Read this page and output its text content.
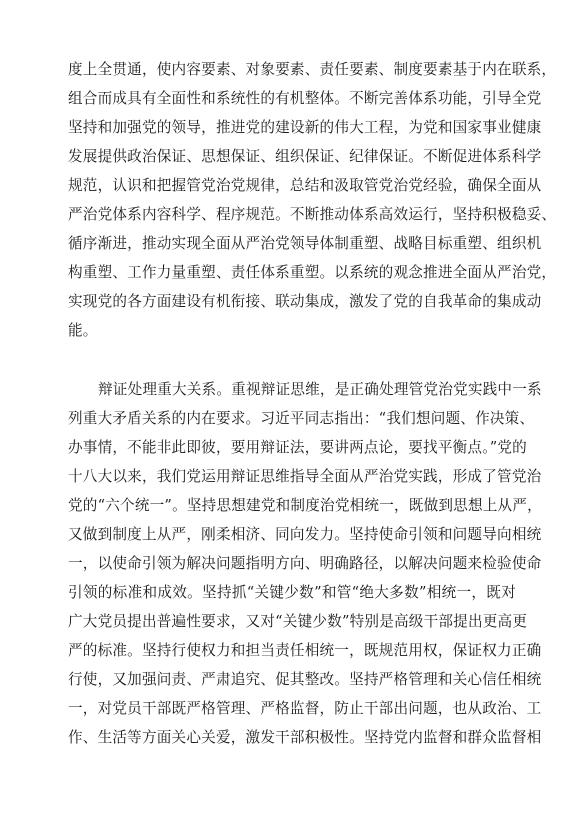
度上全贯通，使内容要素、对象要素、责任要素、制度要素基于内在联系，
组合而成具有全面性和系统性的有机整体。不断完善体系功能，引导全党
坚持和加强党的领导，推进党的建设新的伟大工程，为党和国家事业健康
发展提供政治保证、思想保证、组织保证、纪律保证。不断促进体系科学
规范，认识和把握管党治党规律，总结和汲取管党治党经验，确保全面从
严治党体系内容科学、程序规范。不断推动体系高效运行，坚持积极稳妥、
循序渐进，推动实现全面从严治党领导体制重塑、战略目标重塑、组织机
构重塑、工作力量重塑、责任体系重塑。以系统的观念推进全面从严治党，
实现党的各方面建设有机衔接、联动集成，激发了党的自我革命的集成动
能。
辩证处理重大关系。重视辩证思维，是正确处理管党治党实践中一系
列重大矛盾关系的内在要求。习近平同志指出：“我们想问题、作决策、
办事情，不能非此即彼，要用辩证法，要讲两点论，要找平衡点。”党的
十八大以来，我们党运用辩证思维指导全面从严治党实践，形成了管党治
党的“六个统一”。坚持思想建党和制度治党相统一，既做到思想上从严，
又做到制度上从严，刚柔相济、同向发力。坚持使命引领和问题导向相统
一，以使命引领为解决问题指明方向、明确路径，以解决问题来检验使命
引领的标准和成效。坚持抓“关键少数”和管“绝大多数”相统一，既对
广大党员提出普遍性要求，又对“关键少数”特别是高级干部提出更高更
严的标准。坚持行使权力和担当责任相统一，既规范用权，保证权力正确
行使，又加强问责、严肃追究、促其整改。坚持严格管理和关心信任相统
一，对党员干部既严格管理、严格监督，防止干部出问题，也从政治、工
作、生活等方面关心关爱，激发干部积极性。坚持党内监督和群众监督相
